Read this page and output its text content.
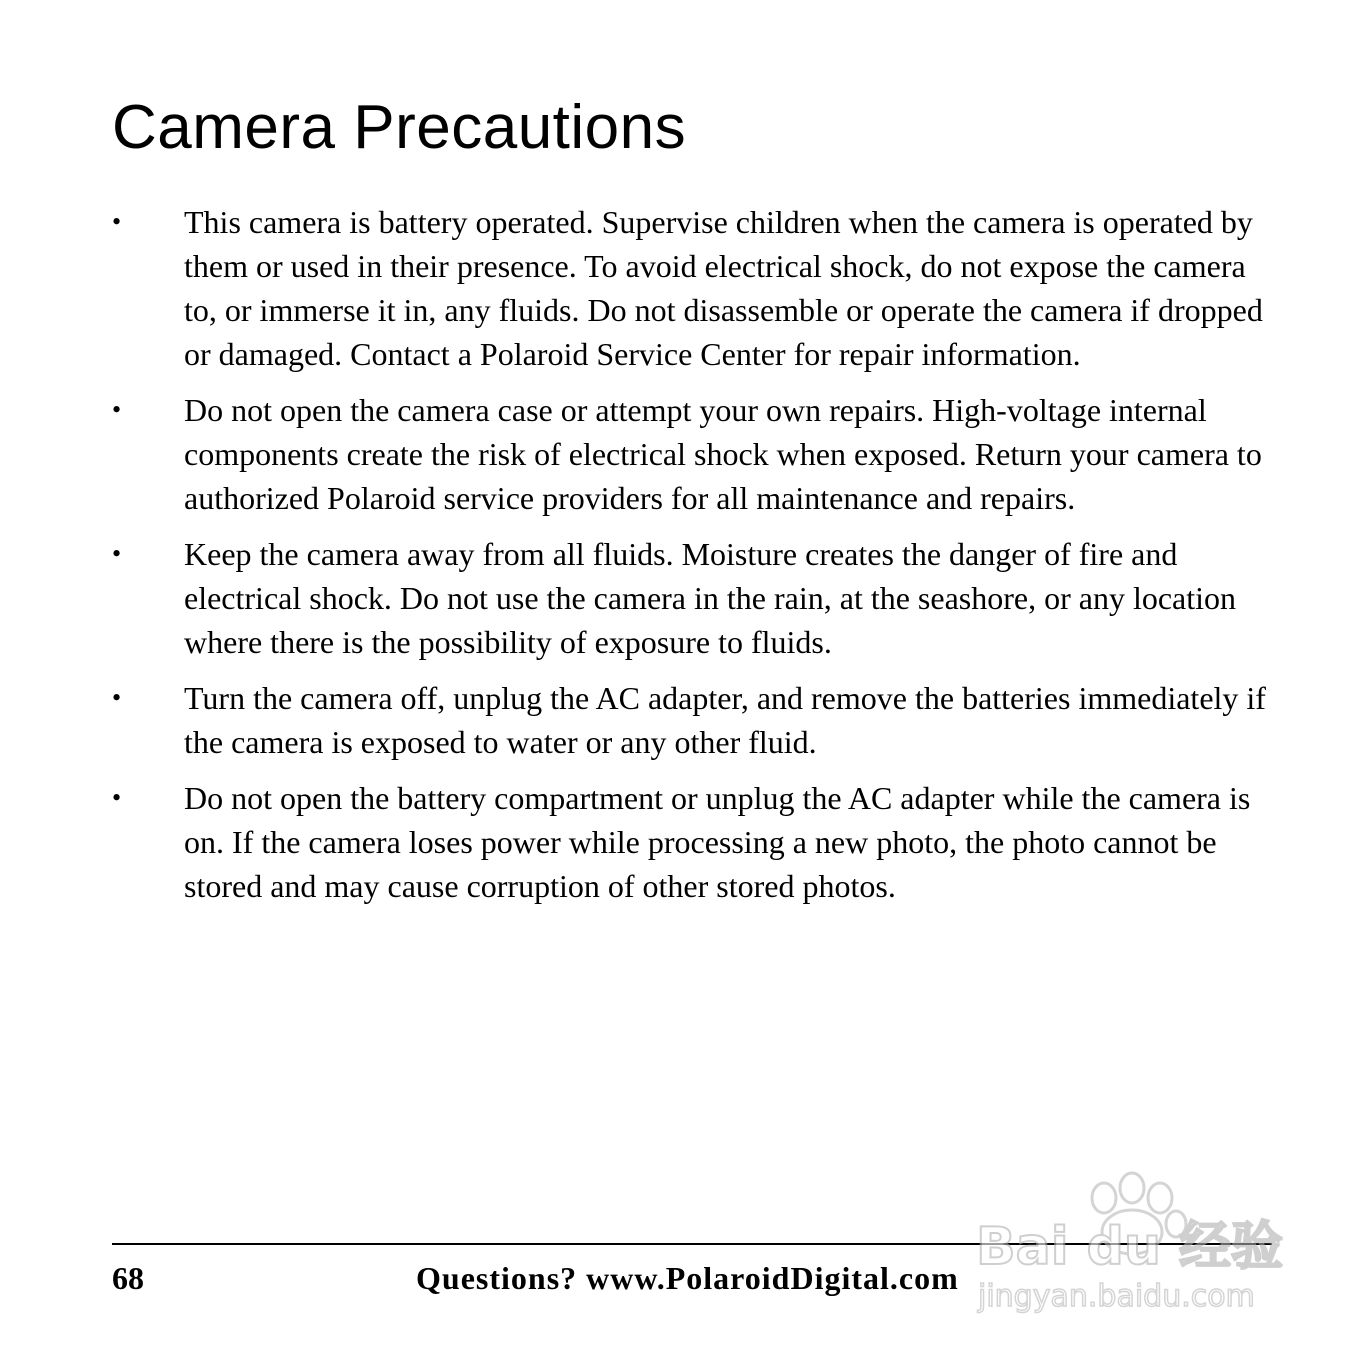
Camera Precautions
•	This camera is battery operated. Supervise children when the camera is operated by them or used in their presence. To avoid electrical shock, do not expose the camera to, or immerse it in, any fluids. Do not disassemble or operate the camera if dropped or damaged. Contact a Polaroid Service Center for repair information.
•	Do not open the camera case or attempt your own repairs. High-voltage internal components create the risk of electrical shock when exposed. Return your camera to authorized Polaroid service providers for all maintenance and repairs.
•	Keep the camera away from all fluids. Moisture creates the danger of fire and electrical shock. Do not use the camera in the rain, at the seashore, or any location where there is the possibility of exposure to fluids.
•	Turn the camera off, unplug the AC adapter, and remove the batteries immediately if the camera is exposed to water or any other fluid.
•	Do not open the battery compartment or unplug the AC adapter while the camera is on. If the camera loses power while processing a new photo, the photo cannot be stored and may cause corruption of other stored photos.
68	Questions? www.PolaroidDigital.com
Bai du 经验
jingyan.baidu.com
